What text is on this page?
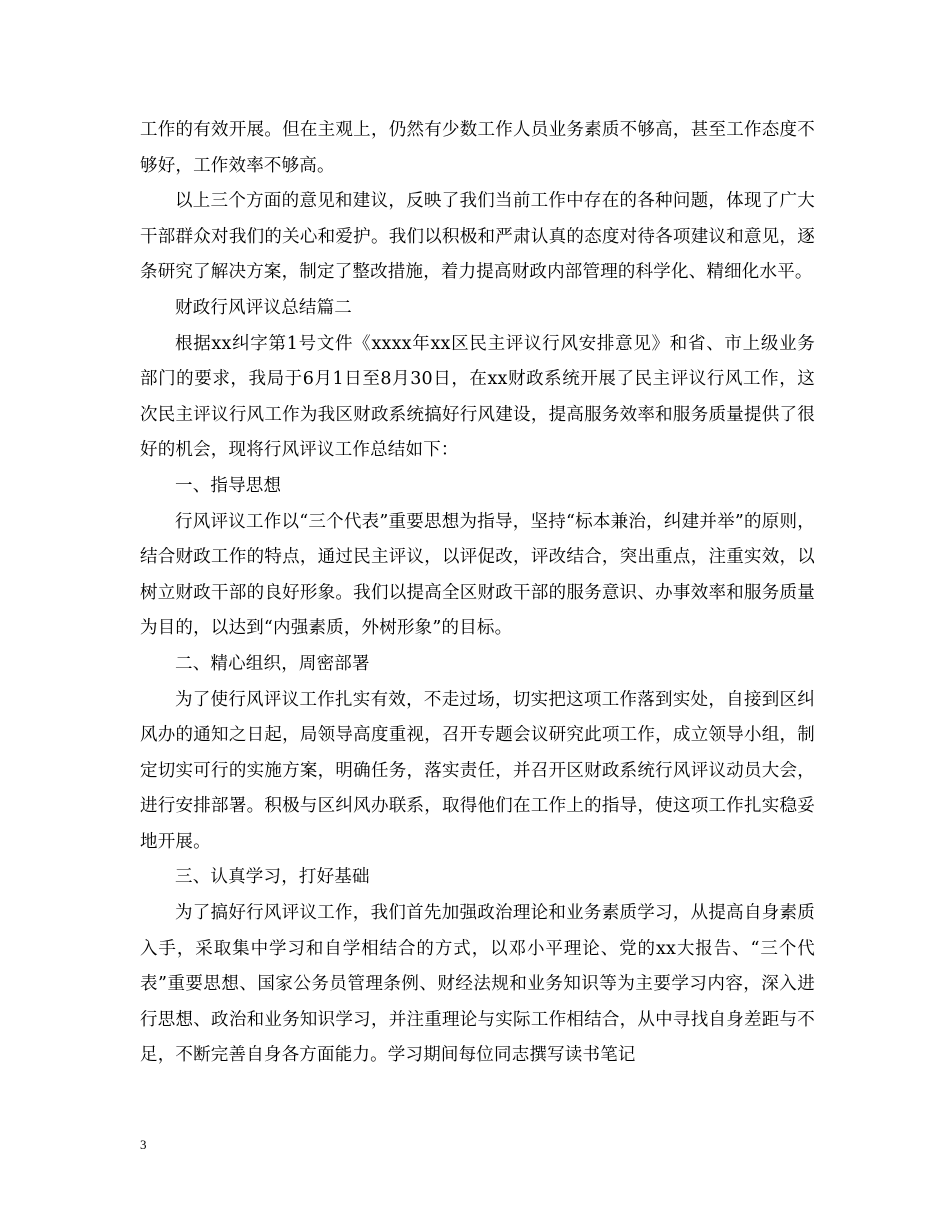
工作的有效开展。但在主观上，仍然有少数工作人员业务素质不够高，甚至工作态度不够好，工作效率不够高。

以上三个方面的意见和建议，反映了我们当前工作中存在的各种问题，体现了广大干部群众对我们的关心和爱护。我们以积极和严肃认真的态度对待各项建议和意见，逐条研究了解决方案，制定了整改措施，着力提高财政内部管理的科学化、精细化水平。

财政行风评议总结篇二

根据xx纠字第1号文件《xxxx年xx区民主评议行风安排意见》和省、市上级业务部门的要求，我局于6月1日至8月30日，在xx财政系统开展了民主评议行风工作，这次民主评议行风工作为我区财政系统搞好行风建设，提高服务效率和服务质量提供了很好的机会，现将行风评议工作总结如下：

一、指导思想

行风评议工作以“三个代表”重要思想为指导，坚持“标本兼治，纠建并举”的原则，结合财政工作的特点，通过民主评议，以评促改，评改结合，突出重点，注重实效，以树立财政干部的良好形象。我们以提高全区财政干部的服务意识、办事效率和服务质量为目的，以达到“内强素质，外树形象”的目标。

二、精心组织，周密部署

为了使行风评议工作扎实有效，不走过场，切实把这项工作落到实处，自接到区纠风办的通知之日起，局领导高度重视，召开专题会议研究此项工作，成立领导小组，制定切实可行的实施方案，明确任务，落实责任，并召开区财政系统行风评议动员大会，进行安排部署。积极与区纠风办联系，取得他们在工作上的指导，使这项工作扎实稳妥地开展。

三、认真学习，打好基础

为了搞好行风评议工作，我们首先加强政治理论和业务素质学习，从提高自身素质入手，采取集中学习和自学相结合的方式，以邓小平理论、党的xx大报告、“三个代表”重要思想、国家公务员管理条例、财经法规和业务知识等为主要学习内容，深入进行思想、政治和业务知识学习，并注重理论与实际工作相结合，从中寻找自身差距与不足，不断完善自身各方面能力。学习期间每位同志撰写读书笔记

3
